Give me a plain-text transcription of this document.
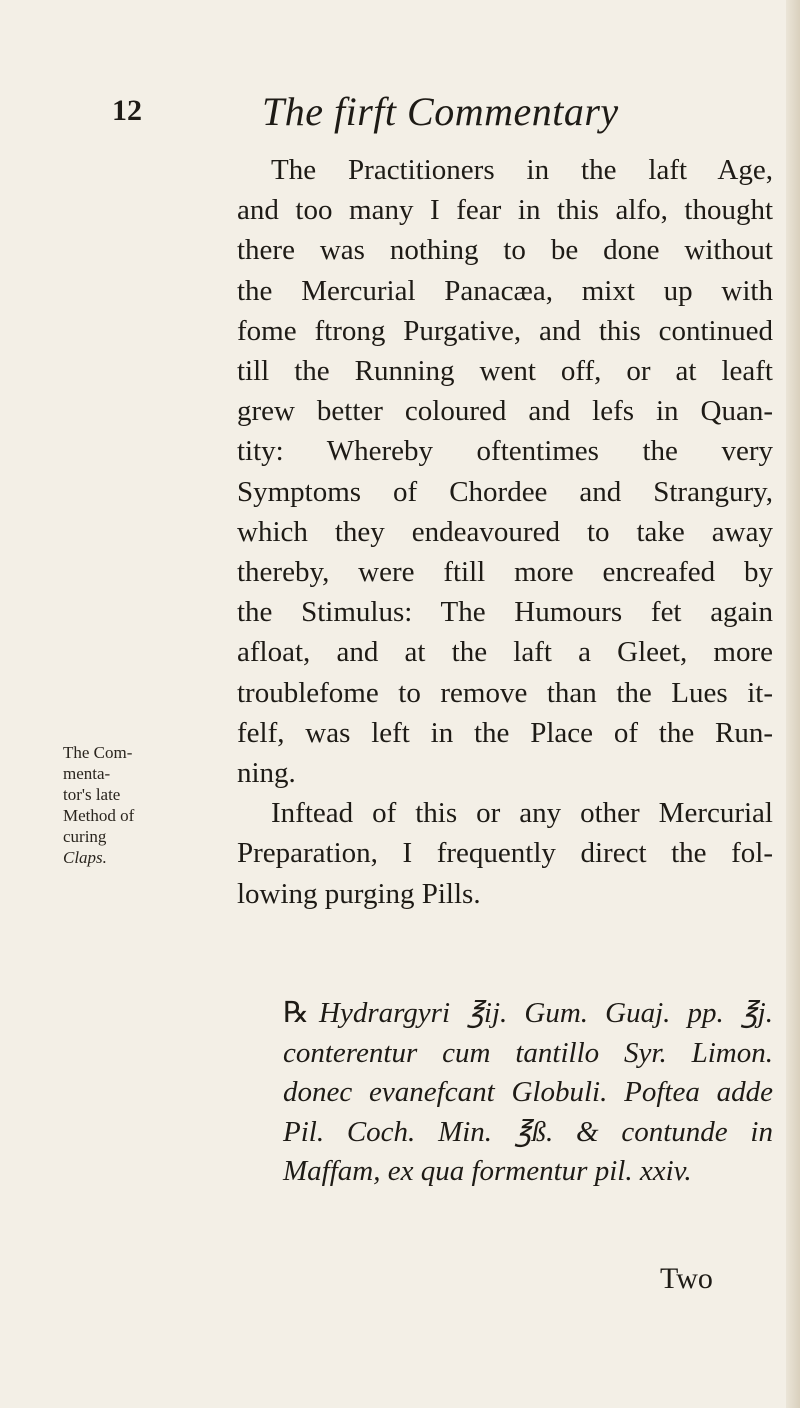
12	The firft Commentary
The Practitioners in the laft Age,
and too many I fear in this alfo, thought
there was nothing to be done without
the Mercurial Panacæa, mixt up with
fome ftrong Purgative, and this continued
till the Running went off, or at leaft
grew better coloured and lefs in Quan-
tity: Whereby oftentimes the very
Symptoms of Chordee and Strangury,
which they endeavoured to take away
thereby, were ftill more encreafed by
the Stimulus: The Humours fet again
afloat, and at the laft a Gleet, more
troublefome to remove than the Lues it-
felf, was left in the Place of the Run-
ning.
Inftead of this or any other Mercurial
Preparation, I frequently direct the fol-
lowing purging Pills.
The Com-
menta-
tor's late
Method of
curing
Claps.
℞ Hydrargyri ℥ij. Gum. Guaj. pp. ℥j.
conterentur cum tantillo Syr. Limon.
donec evanefcant Globuli. Poftea adde
Pil. Coch. Min. ℥ß. & contunde in
Maffam, ex qua formentur pil. xxiv.
Two
